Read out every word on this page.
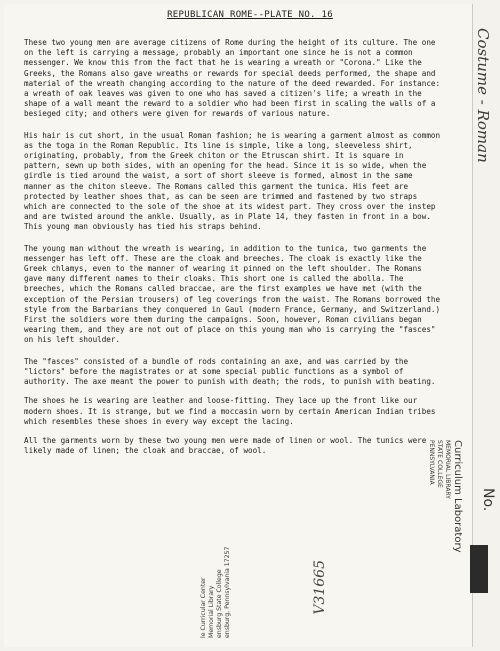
REPUBLICAN ROME--PLATE NO. 16

These two young men are average citizens of Rome during the height of its culture. The one on the left is carrying a message, probably an important one since he is not a common messenger. We know this from the fact that he is wearing a wreath or "Corona." Like the Greeks, the Romans also gave wreaths or rewards for special deeds performed, the shape and material of the wreath changing according to the nature of the deed rewarded. For instance: a wreath of oak leaves was given to one who has saved a citizen's life; a wreath in the shape of a wall meant the reward to a soldier who had been first in scaling the walls of a besieged city; and others were given for rewards of various nature.

His hair is cut short, in the usual Roman fashion; he is wearing a garment almost as common as the toga in the Roman Republic. Its line is simple, like a long, sleeveless shirt, originating, probably, from the Greek chiton or the Etruscan shirt. It is square in pattern, sewn up both sides, with an opening for the head. Since it is so wide, when the girdle is tied around the waist, a sort of short sleeve is formed, almost in the same manner as the chiton sleeve. The Romans called this garment the tunica. His feet are protected by leather shoes that, as can be seen are trimmed and fastened by two straps which are connected to the sole of the shoe at its widest part. They cross over the instep and are twisted around the ankle. Usually, as in Plate 14, they fasten in front in a bow. This young man obviously has tied his straps behind.

The young man without the wreath is wearing, in addition to the tunica, two garments the messenger has left off. These are the cloak and breeches. The cloak is exactly like the Greek chlamys, even to the manner of wearing it pinned on the left shoulder. The Romans gave many different names to their cloaks. This short one is called the abolla. The breeches, which the Romans called braccae, are the first examples we have met (with the exception of the Persian trousers) of leg coverings from the waist. The Romans borrowed the style from the Barbarians they conquered in Gaul (modern France, Germany, and Switzerland.) First the soldiers wore them during the campaigns. Soon, however, Roman civilians began wearing them, and they are not out of place on this young man who is carrying the "fasces" on his left shoulder.

The "fasces" consisted of a bundle of rods containing an axe, and was carried by the "lictors" before the magistrates or at some special public functions as a symbol of authority. The axe meant the power to punish with death; the rods, to punish with beating.

The shoes he is wearing are leather and loose-fitting. They lace up the front like our modern shoes. It is strange, but we find a moccasin worn by certain American Indian tribes which resembles these shoes in every way except the lacing.

All the garments worn by these two young men were made of linen or wool. The tunics were likely made of linen; the cloak and braccae, of wool.

Costume - Roman
Curriculum Laboratory
MEMORIAL LIBRARY
STATE COLLEGE
PENNSYLVANIA
No.
le Curricular Center Memorial Library ensburg State College ensburg, Pennsylvania 17257	V31665
